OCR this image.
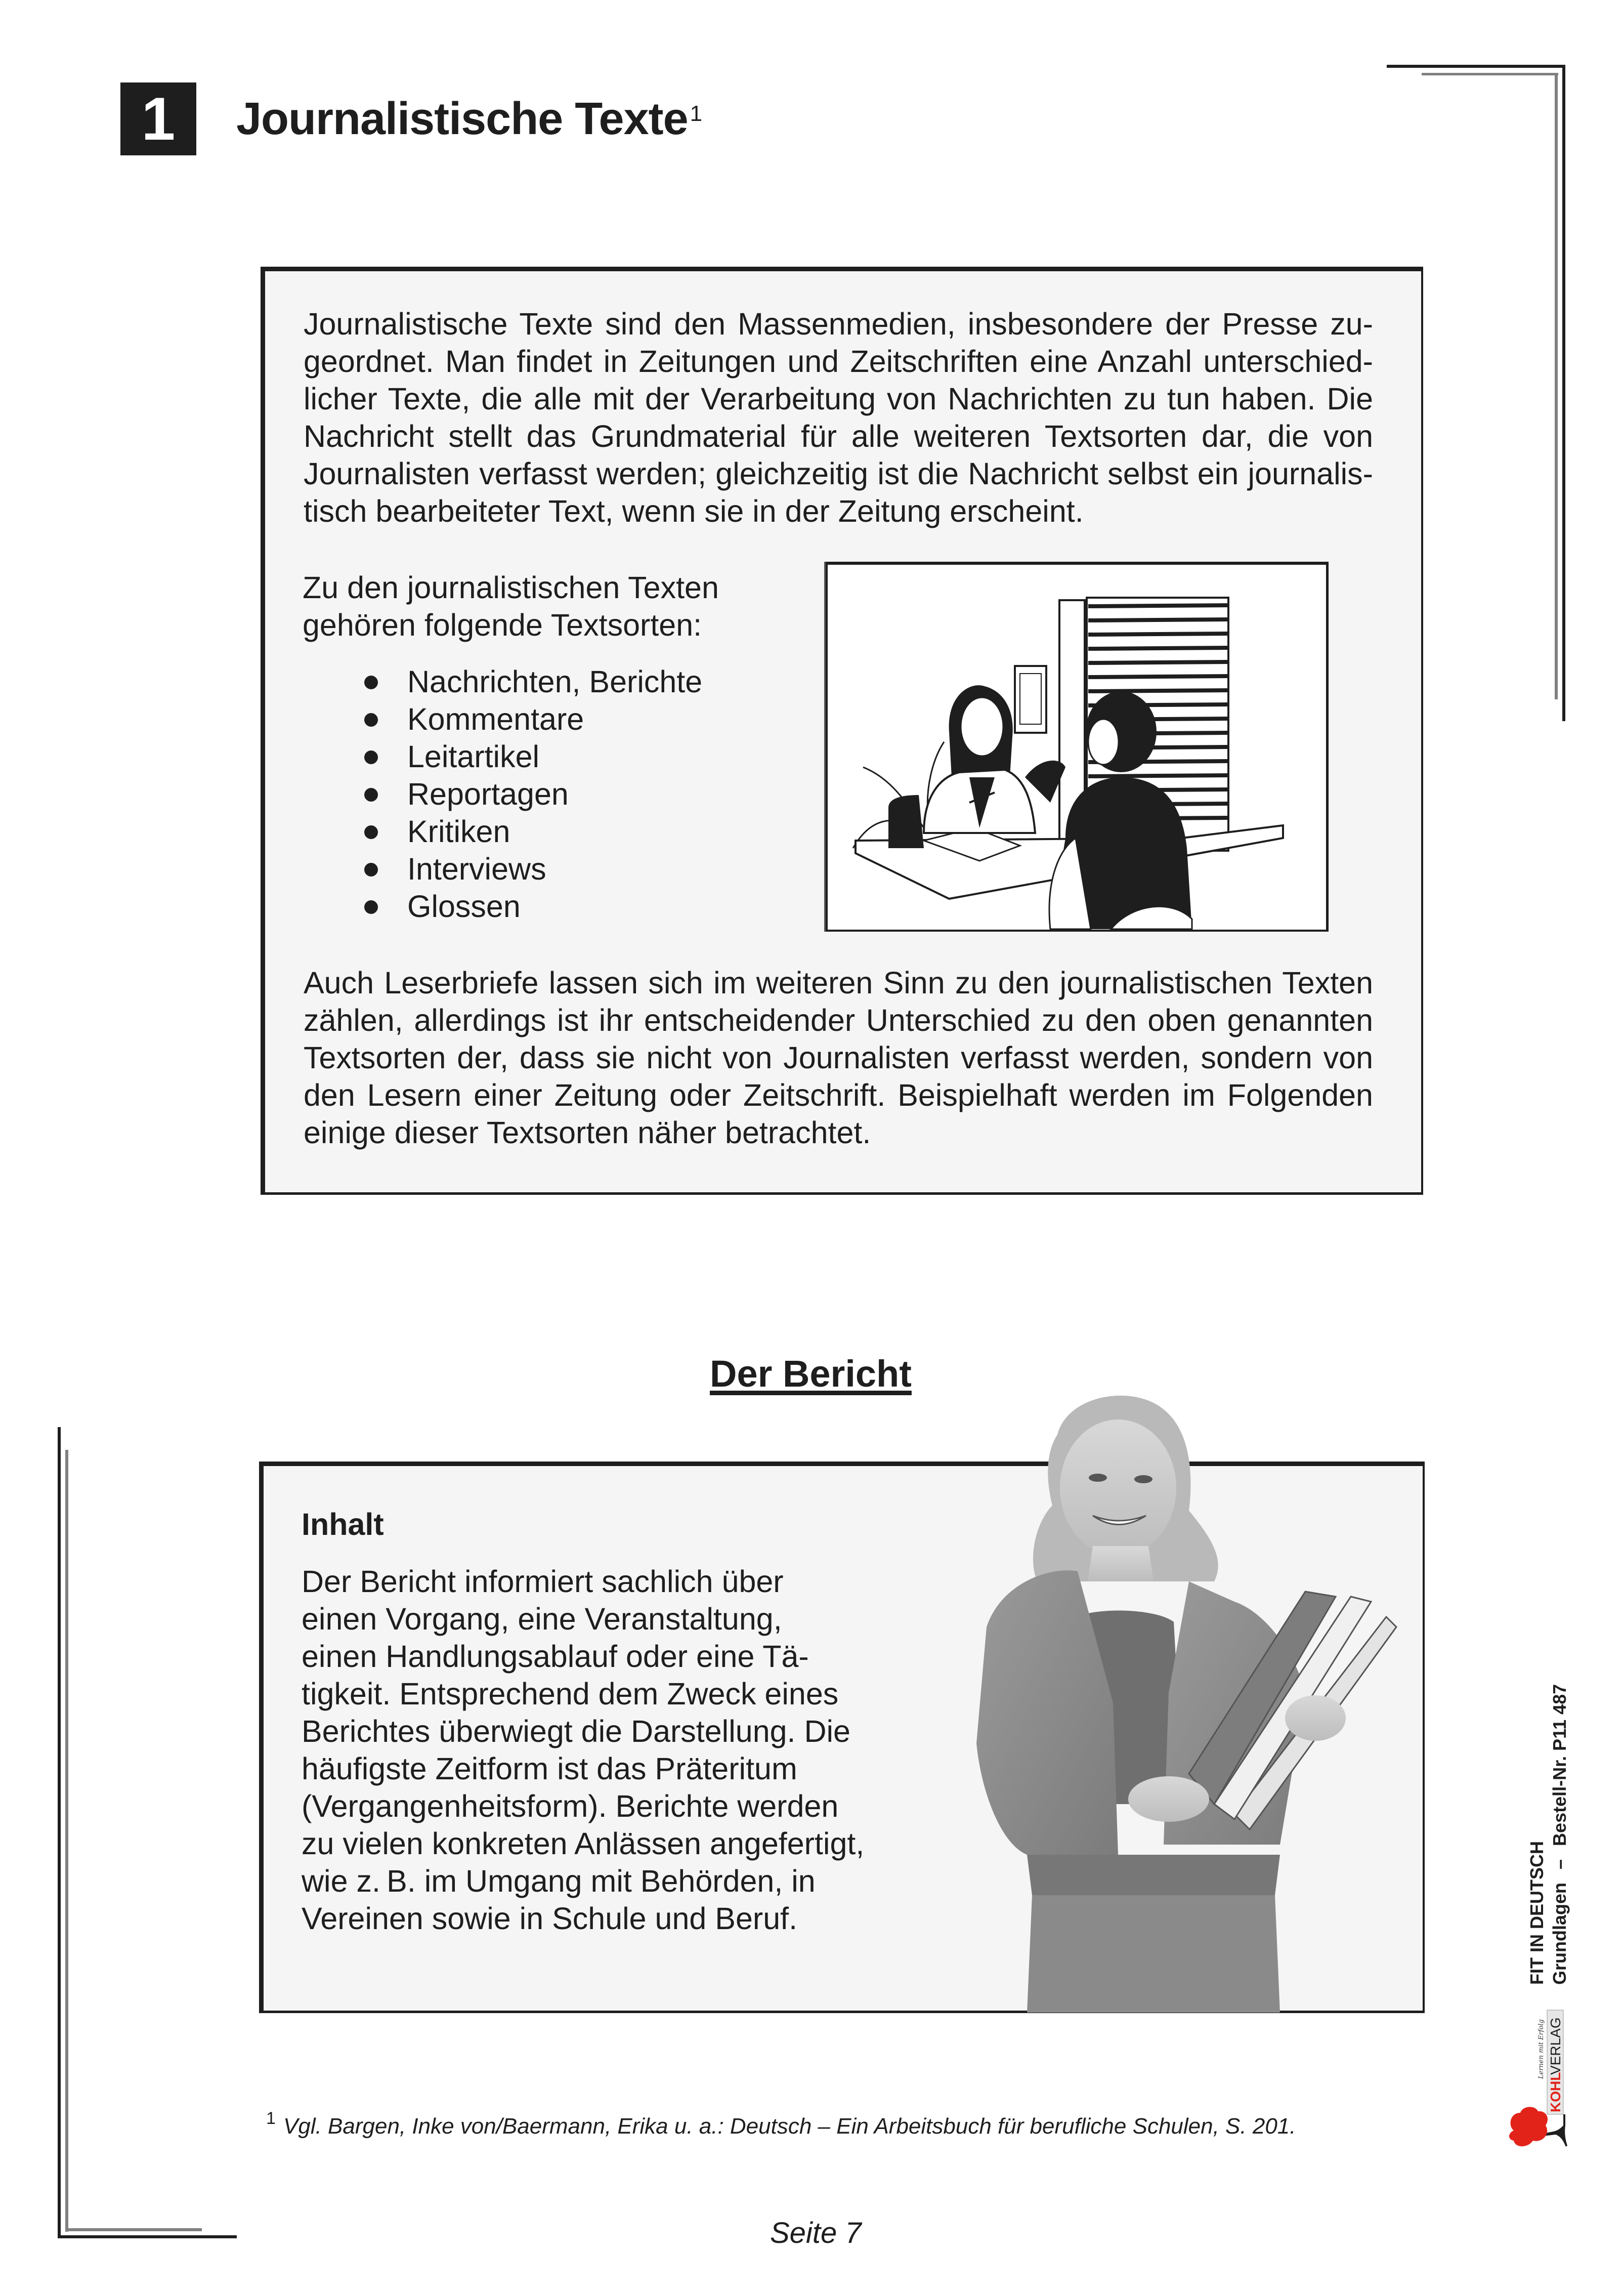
1	Journalistische Texte$^1$
Journalistische Texte sind den Massenmedien, insbesondere der Presse zu-
geordnet. Man findet in Zeitungen und Zeitschriften eine Anzahl unterschied-
licher Texte, die alle mit der Verarbeitung von Nachrichten zu tun haben. Die
Nachricht stellt das Grundmaterial für alle weiteren Textsorten dar, die von
Journalisten verfasst werden; gleichzeitig ist die Nachricht selbst ein journalis-
tisch bearbeiteter Text, wenn sie in der Zeitung erscheint.
Zu den journalistischen Texten
gehören folgende Textsorten:
Nachrichten, Berichte
Kommentare
Leitartikel
Reportagen
Kritiken
Interviews
Glossen
Auch Leserbriefe lassen sich im weiteren Sinn zu den journalistischen Texten
zählen, allerdings ist ihr entscheidender Unterschied zu den oben genannten
Textsorten der, dass sie nicht von Journalisten verfasst werden, sondern von
den Lesern einer Zeitung oder Zeitschrift. Beispielhaft werden im Folgenden
einige dieser Textsorten näher betrachtet.
Der Bericht
Inhalt
Der Bericht informiert sachlich über
einen Vorgang, eine Veranstaltung,
einen Handlungsablauf oder eine Tä-
tigkeit. Entsprechend dem Zweck eines
Berichtes überwiegt die Darstellung. Die
häufigste Zeitform ist das Präteritum
(Vergangenheitsform). Berichte werden
zu vielen konkreten Anlässen angefertigt,
wie z. B. im Umgang mit Behörden, in
Vereinen sowie in Schule und Beruf.
1 Vgl. Bargen, Inke von/Baermann, Erika u. a.: Deutsch – Ein Arbeitsbuch für berufliche Schulen, S. 201.
Seite 7
FIT IN DEUTSCH Grundlagen–Bestell-Nr. P11 487
Lernen mit Erfolg
KOHL
VERLAG
